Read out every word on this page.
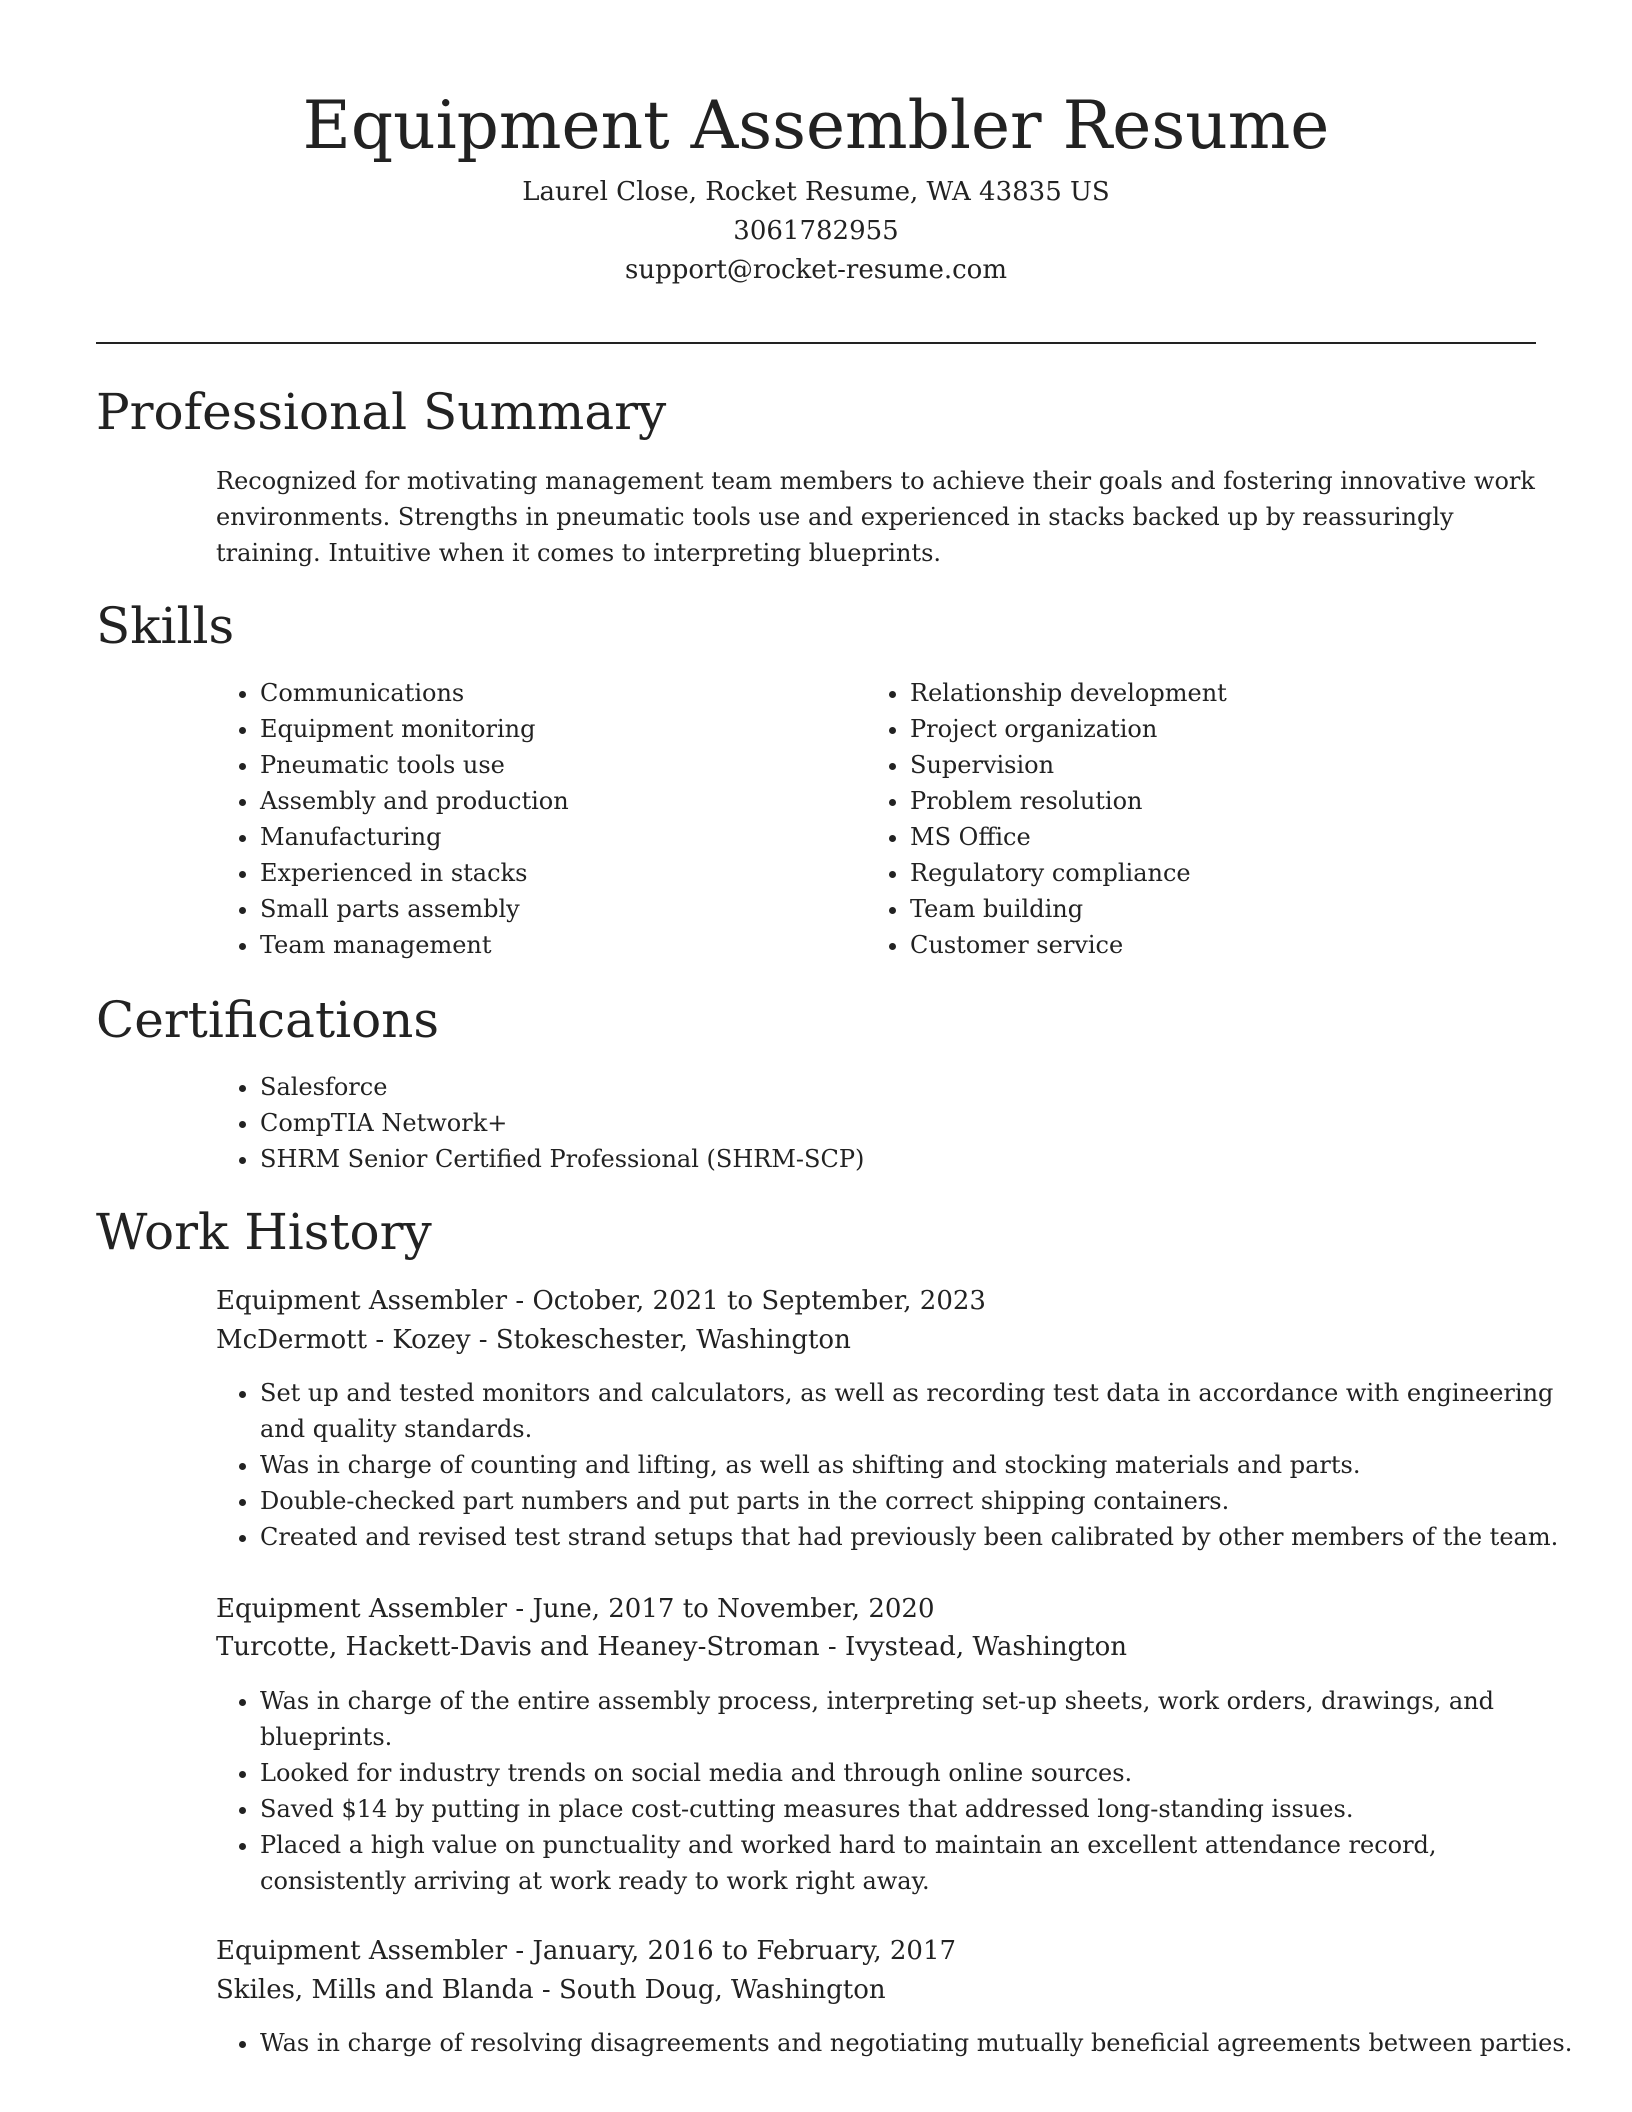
Equipment Assembler Resume
Laurel Close, Rocket Resume, WA 43835 US
3061782955
support@rocket-resume.com
Professional Summary

Recognized for motivating management team members to achieve their goals and fostering innovative work environments. Strengths in pneumatic tools use and experienced in stacks backed up by reassuringly training. Intuitive when it comes to interpreting blueprints.

Skills
• Communications
• Equipment monitoring
• Pneumatic tools use
• Assembly and production
• Manufacturing
• Experienced in stacks
• Small parts assembly
• Team management
• Relationship development
• Project organization
• Supervision
• Problem resolution
• MS Office
• Regulatory compliance
• Team building
• Customer service
Certifications
• Salesforce
• CompTIA Network+
• SHRM Senior Certified Professional (SHRM-SCP)
Work History
Equipment Assembler - October, 2021 to September, 2023
McDermott - Kozey - Stokeschester, Washington
• Set up and tested monitors and calculators, as well as recording test data in accordance with engineering and quality standards.
• Was in charge of counting and lifting, as well as shifting and stocking materials and parts.
• Double-checked part numbers and put parts in the correct shipping containers.
• Created and revised test strand setups that had previously been calibrated by other members of the team.
Equipment Assembler - June, 2017 to November, 2020
Turcotte, Hackett-Davis and Heaney-Stroman - Ivystead, Washington
• Was in charge of the entire assembly process, interpreting set-up sheets, work orders, drawings, and blueprints.
• Looked for industry trends on social media and through online sources.
• Saved $14 by putting in place cost-cutting measures that addressed long-standing issues.
• Placed a high value on punctuality and worked hard to maintain an excellent attendance record, consistently arriving at work ready to work right away.
Equipment Assembler - January, 2016 to February, 2017
Skiles, Mills and Blanda - South Doug, Washington
• Was in charge of resolving disagreements and negotiating mutually beneficial agreements between parties.
